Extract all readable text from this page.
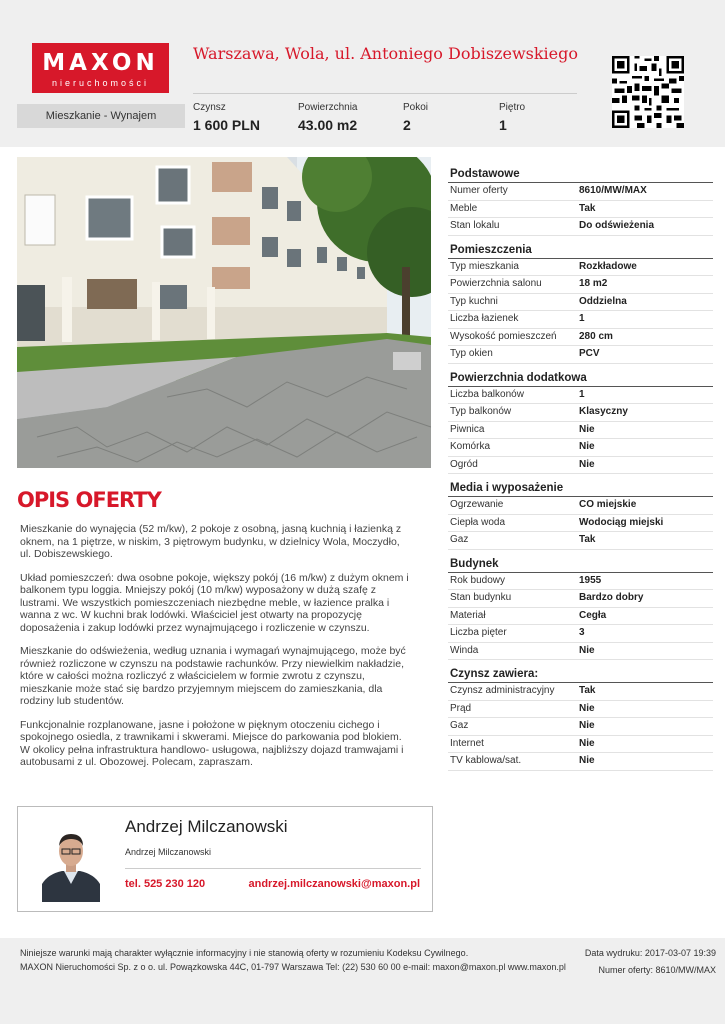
MAXON
nieruchomości
Warszawa, Wola, ul. Antoniego Dobiszewskiego
Mieszkanie - Wynajem
Czynsz
1 600 PLN
Powierzchnia
43.00 m2
Pokoi
2
Piętro
1
OPIS OFERTY

Mieszkanie do wynajęcia (52 m/kw), 2 pokoje z osobną, jasną kuchnią i łazienką z
oknem, na 1 piętrze, w niskim, 3 piętrowym budynku, w dzielnicy Wola, Moczydło,
ul. Dobiszewskiego.

Układ pomieszczeń: dwa osobne pokoje, większy pokój (16 m/kw) z dużym oknem i
balkonem typu loggia. Mniejszy pokój (10 m/kw) wyposażony w dużą szafę z
lustrami. We wszystkich pomieszczeniach niezbędne meble, w łazience pralka i
wanna z wc. W kuchni brak lodówki. Właściciel jest otwarty na propozycję
doposażenia i zakup lodówki przez wynajmującego i rozliczenie w czynszu.

Mieszkanie do odświeżenia, według uznania i wymagań wynajmującego, może być
również rozliczone w czynszu na podstawie rachunków. Przy niewielkim nakładzie,
które w całości można rozliczyć z właścicielem w formie zwrotu z czynszu,
mieszkanie może stać się bardzo przyjemnym miejscem do zamieszkania, dla
rodziny lub studentów.

Funkcjonalnie rozplanowane, jasne i położone w pięknym otoczeniu cichego i
spokojnego osiedla, z trawnikami i skwerami. Miejsce do parkowania pod blokiem.
W okolicy pełna infrastruktura handlowo- usługowa, najbliższy dojazd tramwajami i
autobusami z ul. Obozowej. Polecam, zapraszam.

Andrzej Milczanowski
Andrzej Milczanowski
tel. 525 230 120	andrzej.milczanowski@maxon.pl
Podstawowe
Numer oferty	8610/MW/MAX
Meble	Tak
Stan lokalu	Do odświeżenia
Pomieszczenia
Typ mieszkania	Rozkładowe
Powierzchnia salonu	18 m2
Typ kuchni	Oddzielna
Liczba łazienek	1
Wysokość pomieszczeń	280 cm
Typ okien	PCV
Powierzchnia dodatkowa
Liczba balkonów	1
Typ balkonów	Klasyczny
Piwnica	Nie
Komórka	Nie
Ogród	Nie
Media i wyposażenie
Ogrzewanie	CO miejskie
Ciepła woda	Wodociąg miejski
Gaz	Tak
Budynek
Rok budowy	1955
Stan budynku	Bardzo dobry
Materiał	Cegła
Liczba pięter	3
Winda	Nie
Czynsz zawiera:
Czynsz administracyjny	Tak
Prąd	Nie
Gaz	Nie
Internet	Nie
TV kablowa/sat.	Nie
Niniejsze warunki mają charakter wyłącznie informacyjny i nie stanowią oferty w rozumieniu Kodeksu Cywilnego.
MAXON Nieruchomości Sp. z o o. ul. Powązkowska 44C, 01-797 Warszawa Tel: (22) 530 60 00 e-mail: maxon@maxon.pl www.maxon.pl
Data wydruku: 2017-03-07 19:39
Numer oferty: 8610/MW/MAX
